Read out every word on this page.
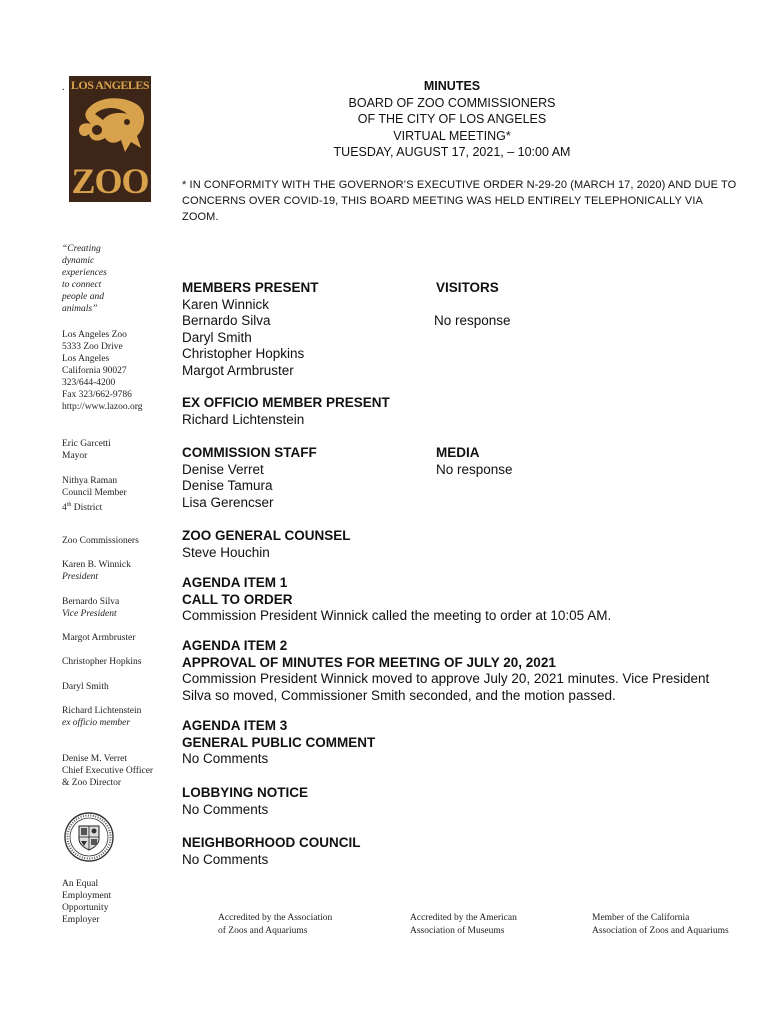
. LOS ANGELES
ZOO
MINUTES
BOARD OF ZOO COMMISSIONERS
OF THE CITY OF LOS ANGELES
VIRTUAL MEETING*
TUESDAY, AUGUST 17, 2021, – 10:00 AM
* IN CONFORMITY WITH THE GOVERNOR’S EXECUTIVE ORDER N-29-20 (MARCH 17, 2020) AND DUE TO CONCERNS OVER COVID-19, THIS BOARD MEETING WAS HELD ENTIRELY TELEPHONICALLY VIA ZOOM.
“Creating
dynamic
experiences
to connect
people and
animals”
Los Angeles Zoo
5333 Zoo Drive
Los Angeles
California 90027
323/644-4200
Fax 323/662-9786
http://www.lazoo.org
Eric Garcetti
Mayor
Nithya Raman
Council Member
4th District
Zoo Commissioners
Karen B. Winnick
President
Bernardo Silva
Vice President
Margot Armbruster
Christopher Hopkins
Daryl Smith
Richard Lichtenstein
ex officio member
Denise M. Verret
Chief Executive Officer
& Zoo Director
An Equal
Employment
Opportunity
Employer
MEMBERS PRESENT
Karen Winnick
Bernardo Silva
Daryl Smith
Christopher Hopkins
Margot Armbruster
VISITORS
No response
EX OFFICIO MEMBER PRESENT
Richard Lichtenstein
COMMISSION STAFF
Denise Verret
Denise Tamura
Lisa Gerencser
MEDIA
No response
ZOO GENERAL COUNSEL
Steve Houchin
AGENDA ITEM 1
CALL TO ORDER
Commission President Winnick called the meeting to order at 10:05 AM.
AGENDA ITEM 2
APPROVAL OF MINUTES FOR MEETING OF JULY 20, 2021
Commission President Winnick moved to approve July 20, 2021 minutes. Vice President Silva so moved, Commissioner Smith seconded, and the motion passed.
AGENDA ITEM 3
GENERAL PUBLIC COMMENT
No Comments
LOBBYING NOTICE
No Comments
NEIGHBORHOOD COUNCIL
No Comments
Accredited by the Association
of Zoos and Aquariums
Accredited by the American
Association of Museums
Member of the California
Association of Zoos and Aquariums
